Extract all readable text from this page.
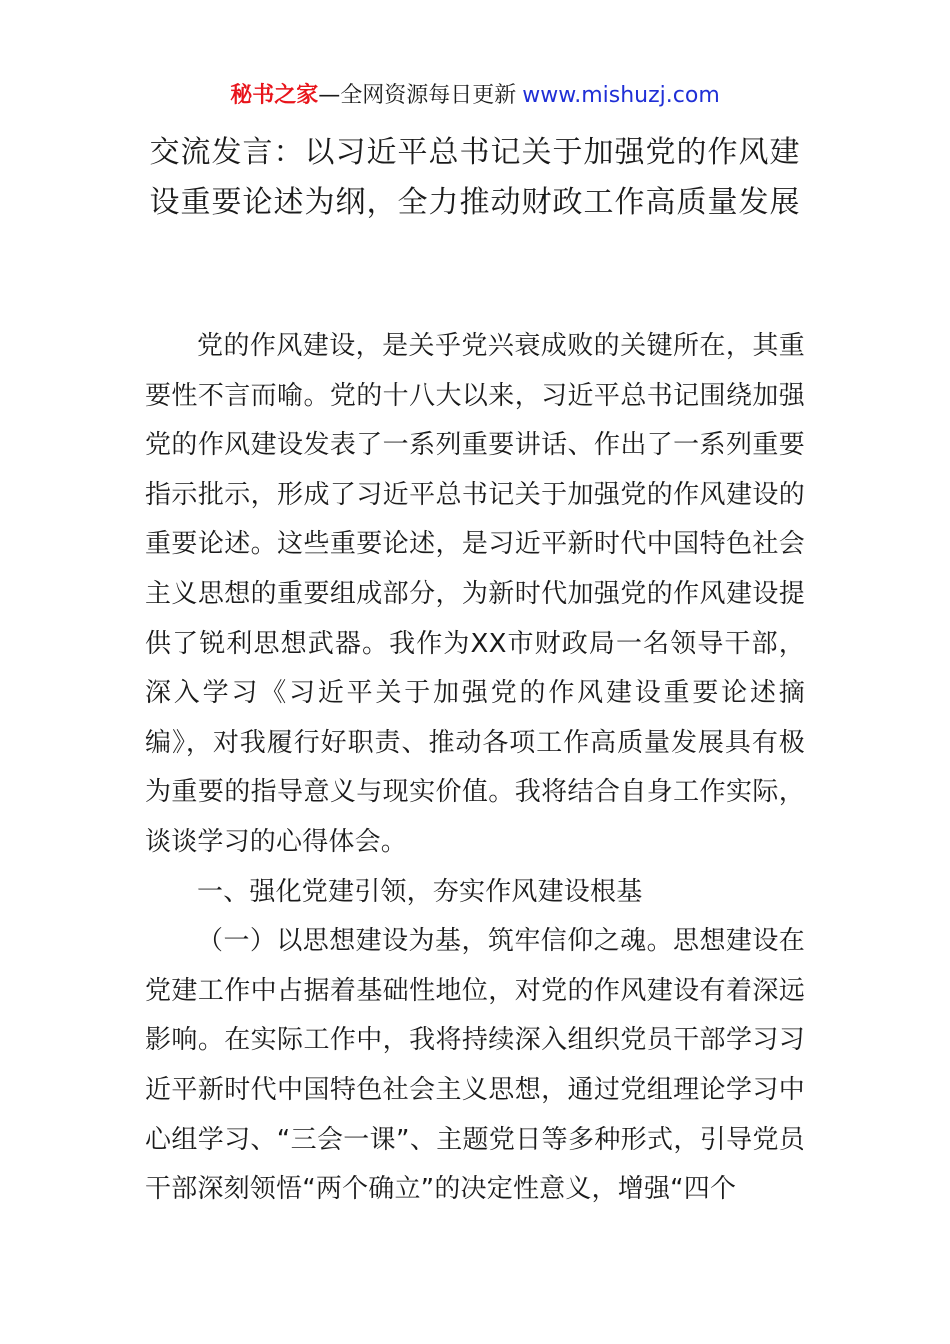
秘书之家—全网资源每日更新 www.mishuzj.com
交流发言：以习近平总书记关于加强党的作风建设重要论述为纲，全力推动财政工作高质量发展

党的作风建设，是关乎党兴衰成败的关键所在，其重要性不言而喻。党的十八大以来，习近平总书记围绕加强党的作风建设发表了一系列重要讲话、作出了一系列重要指示批示，形成了习近平总书记关于加强党的作风建设的重要论述。这些重要论述，是习近平新时代中国特色社会主义思想的重要组成部分，为新时代加强党的作风建设提供了锐利思想武器。我作为XX市财政局一名领导干部，深入学习《习近平关于加强党的作风建设重要论述摘编》，对我履行好职责、推动各项工作高质量发展具有极为重要的指导意义与现实价值。我将结合自身工作实际，谈谈学习的心得体会。

一、强化党建引领，夯实作风建设根基

（一）以思想建设为基，筑牢信仰之魂。思想建设在党建工作中占据着基础性地位，对党的作风建设有着深远影响。在实际工作中，我将持续深入组织党员干部学习习近平新时代中国特色社会主义思想，通过党组理论学习中心组学习、“三会一课”、主题党日等多种形式，引导党员干部深刻领悟“两个确立”的决定性意义，增强“四个
